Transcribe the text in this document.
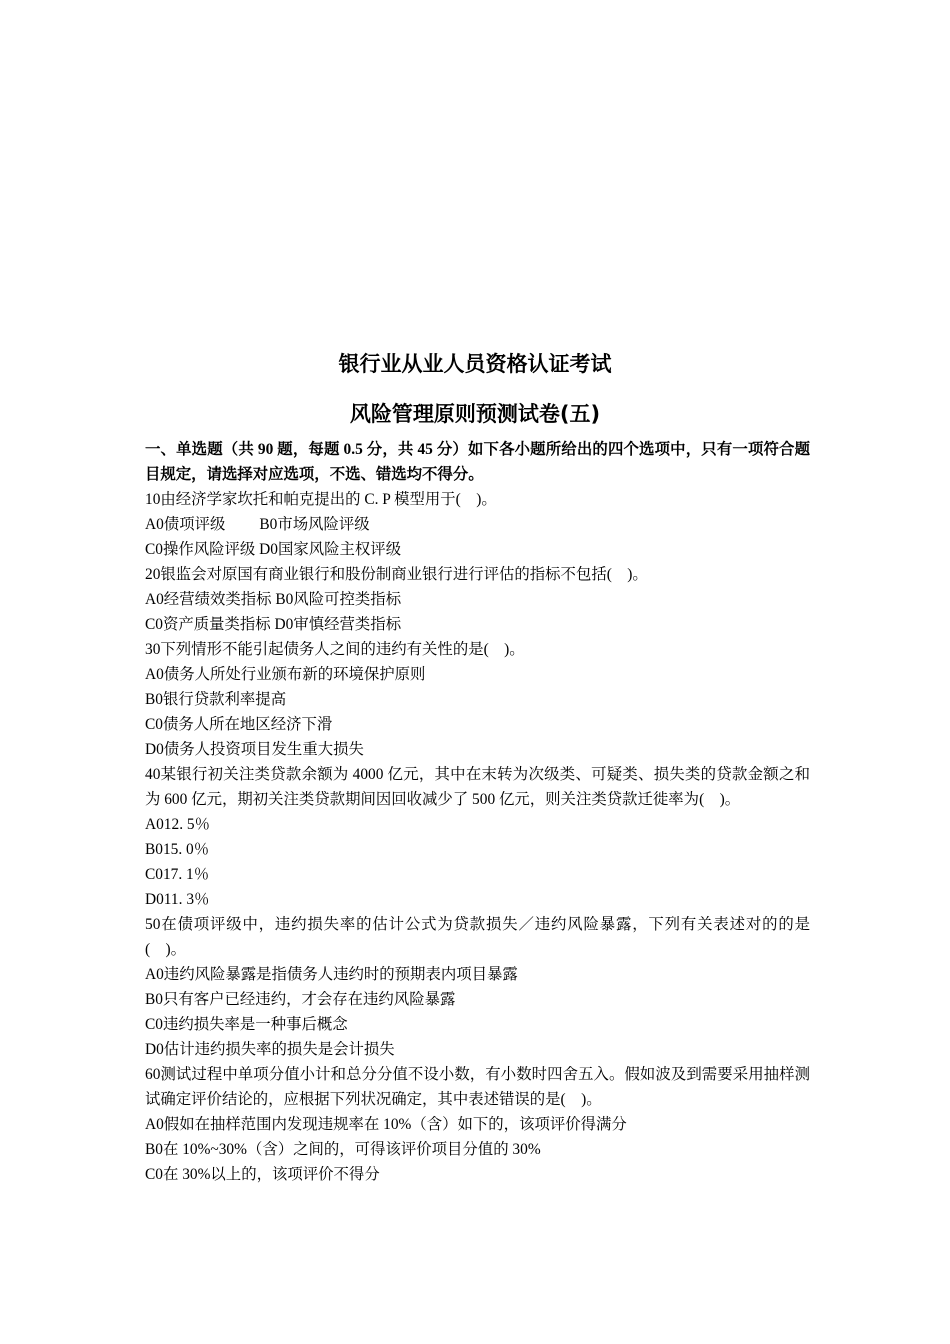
银行业从业人员资格认证考试
风险管理原则预测试卷(五)

一、单选题（共 90 题，每题 0.5 分，共 45 分）如下各小题所给出的四个选项中，只有一项符合题目规定，请选择对应选项，不选、错选均不得分。

10由经济学家坎托和帕克提出的 C. P 模型用于( )。

A0债项评级 B0市场风险评级

C0操作风险评级 D0国家风险主权评级

20银监会对原国有商业银行和股份制商业银行进行评估的指标不包括( )。

A0经营绩效类指标 B0风险可控类指标

C0资产质量类指标 D0审慎经营类指标

30下列情形不能引起债务人之间的违约有关性的是( )。

A0债务人所处行业颁布新的环境保护原则

B0银行贷款利率提高

C0债务人所在地区经济下滑

D0债务人投资项目发生重大损失

40某银行初关注类贷款余额为 4000 亿元，其中在末转为次级类、可疑类、损失类的贷款金额之和为 600 亿元，期初关注类贷款期间因回收减少了 500 亿元，则关注类贷款迁徙率为( )。

A012. 5％

B015. 0％

C017. 1％

D011. 3％

50在债项评级中，违约损失率的估计公式为贷款损失／违约风险暴露，下列有关表述对的的是( )。

A0违约风险暴露是指债务人违约时的预期表内项目暴露

B0只有客户已经违约，才会存在违约风险暴露

C0违约损失率是一种事后概念

D0估计违约损失率的损失是会计损失

60测试过程中单项分值小计和总分分值不设小数，有小数时四舍五入。假如波及到需要采用抽样测试确定评价结论的，应根据下列状况确定，其中表述错误的是( )。

A0假如在抽样范围内发现违规率在 10%（含）如下的，该项评价得满分

B0在 10%~30%（含）之间的，可得该评价项目分值的 30%

C0在 30%以上的，该项评价不得分
